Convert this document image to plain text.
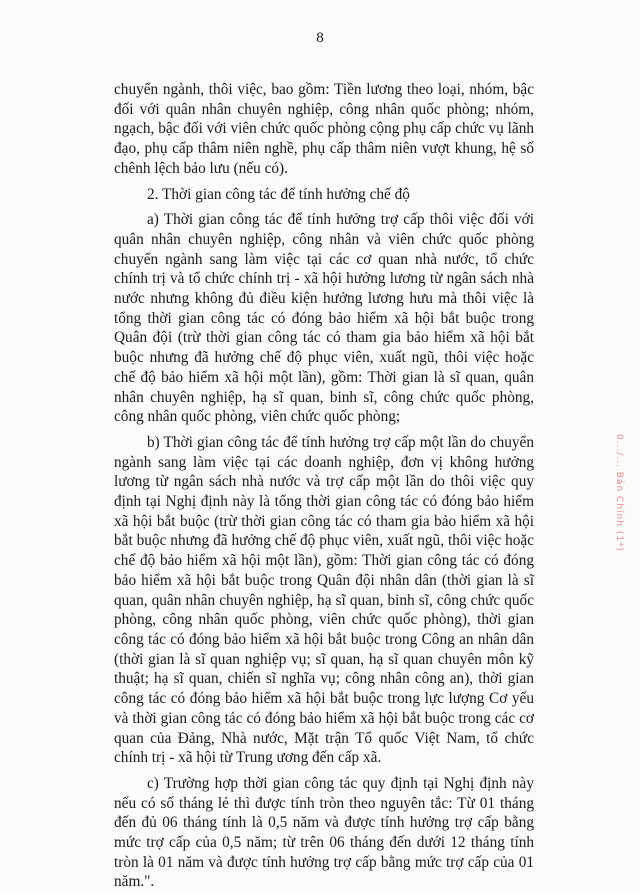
8

chuyển ngành, thôi việc, bao gồm: Tiền lương theo loại, nhóm, bậc đối với quân nhân chuyên nghiệp, công nhân quốc phòng; nhóm, ngạch, bậc đối với viên chức quốc phòng cộng phụ cấp chức vụ lãnh đạo, phụ cấp thâm niên nghề, phụ cấp thâm niên vượt khung, hệ số chênh lệch bảo lưu (nếu có).

2. Thời gian công tác để tính hưởng chế độ

a) Thời gian công tác để tính hưởng trợ cấp thôi việc đối với quân nhân chuyên nghiệp, công nhân và viên chức quốc phòng chuyển ngành sang làm việc tại các cơ quan nhà nước, tổ chức chính trị và tổ chức chính trị - xã hội hưởng lương từ ngân sách nhà nước nhưng không đủ điều kiện hưởng lương hưu mà thôi việc là tổng thời gian công tác có đóng bảo hiểm xã hội bắt buộc trong Quân đội (trừ thời gian công tác có tham gia bảo hiểm xã hội bắt buộc nhưng đã hưởng chế độ phục viên, xuất ngũ, thôi việc hoặc chế độ bảo hiểm xã hội một lần), gồm: Thời gian là sĩ quan, quân nhân chuyên nghiệp, hạ sĩ quan, binh sĩ, công chức quốc phòng, công nhân quốc phòng, viên chức quốc phòng;

b) Thời gian công tác để tính hưởng trợ cấp một lần do chuyển ngành sang làm việc tại các doanh nghiệp, đơn vị không hưởng lương từ ngân sách nhà nước và trợ cấp một lần do thôi việc quy định tại Nghị định này là tổng thời gian công tác có đóng bảo hiểm xã hội bắt buộc (trừ thời gian công tác có tham gia bảo hiểm xã hội bắt buộc nhưng đã hưởng chế độ phục viên, xuất ngũ, thôi việc hoặc chế độ bảo hiểm xã hội một lần), gồm: Thời gian công tác có đóng bảo hiểm xã hội bắt buộc trong Quân đội nhân dân (thời gian là sĩ quan, quân nhân chuyên nghiệp, hạ sĩ quan, binh sĩ, công chức quốc phòng, công nhân quốc phòng, viên chức quốc phòng), thời gian công tác có đóng bảo hiểm xã hội bắt buộc trong Công an nhân dân (thời gian là sĩ quan nghiệp vụ; sĩ quan, hạ sĩ quan chuyên môn kỹ thuật; hạ sĩ quan, chiến sĩ nghĩa vụ; công nhân công an), thời gian công tác có đóng bảo hiểm xã hội bắt buộc trong lực lượng Cơ yếu và thời gian công tác có đóng bảo hiểm xã hội bắt buộc trong các cơ quan của Đảng, Nhà nước, Mặt trận Tổ quốc Việt Nam, tổ chức chính trị - xã hội từ Trung ương đến cấp xã.

c) Trường hợp thời gian công tác quy định tại Nghị định này nếu có số tháng lẻ thì được tính tròn theo nguyên tắc: Từ 01 tháng đến đủ 06 tháng tính là 0,5 năm và được tính hưởng trợ cấp bằng mức trợ cấp của 0,5 năm; từ trên 06 tháng đến dưới 12 tháng tính tròn là 01 năm và được tính hưởng trợ cấp bằng mức trợ cấp của 01 năm.".

0.../... Bản Chính (1*)
